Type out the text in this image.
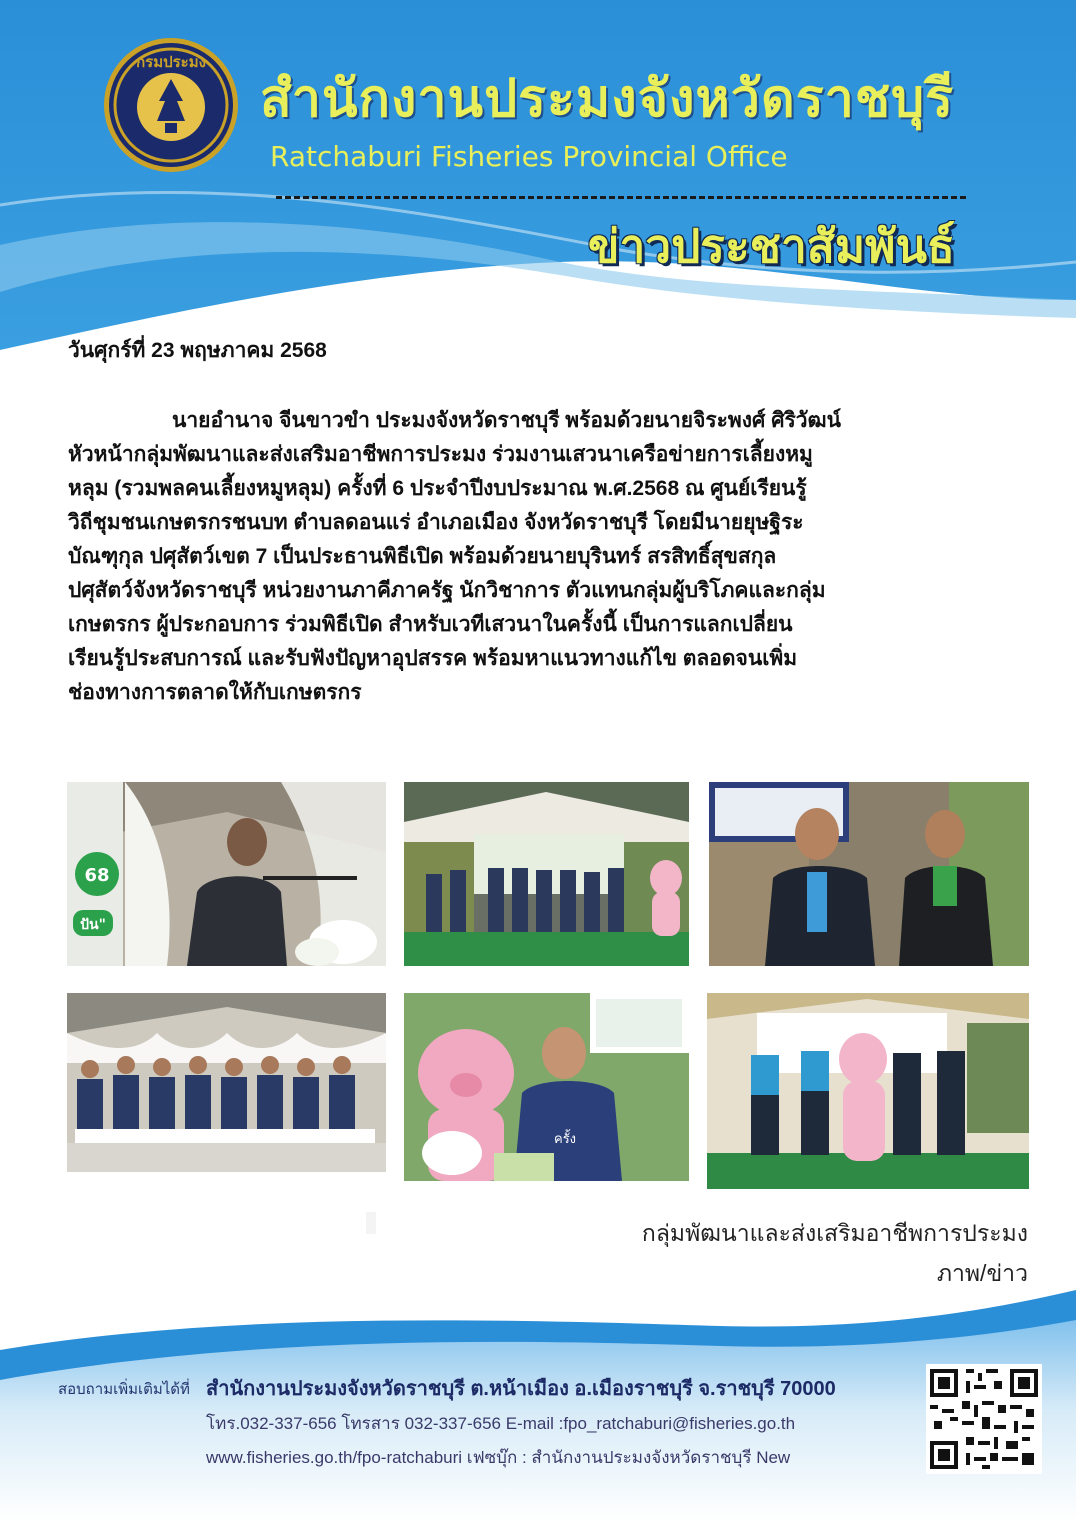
กรมประมง
สำนักงานประมงจังหวัดราชบุรี
Ratchaburi Fisheries Provincial Office
ข่าวประชาสัมพันธ์
วันศุกร์ที่ 23 พฤษภาคม 2568
นายอำนาจ จีนขาวขำ ประมงจังหวัดราชบุรี พร้อมด้วยนายจิระพงศ์ ศิริวัฒน์
หัวหน้ากลุ่มพัฒนาและส่งเสริมอาชีพการประมง ร่วมงานเสวนาเครือข่ายการเลี้ยงหมู
หลุม (รวมพลคนเลี้ยงหมูหลุม) ครั้งที่ 6 ประจำปีงบประมาณ พ.ศ.2568 ณ ศูนย์เรียนรู้
วิถีชุมชนเกษตรกรชนบท ตำบลดอนแร่ อำเภอเมือง จังหวัดราชบุรี โดยมีนายยุษฐิระ
บัณฑุกุล ปศุสัตว์เขต 7 เป็นประธานพิธีเปิด พร้อมด้วยนายบุรินทร์ สรสิทธิ์สุขสกุล
ปศุสัตว์จังหวัดราชบุรี หน่วยงานภาคีภาครัฐ นักวิชาการ ตัวแทนกลุ่มผู้บริโภคและกลุ่ม
เกษตรกร ผู้ประกอบการ ร่วมพิธีเปิด สำหรับเวทีเสวนาในครั้งนี้ เป็นการแลกเปลี่ยน
เรียนรู้ประสบการณ์ และรับฟังปัญหาอุปสรรค พร้อมหาแนวทางแก้ไข ตลอดจนเพิ่ม
ช่องทางการตลาดให้กับเกษตรกร
68
ปัน"
ครั้ง
กลุ่มพัฒนาและส่งเสริมอาชีพการประมง
ภาพ/ข่าว
สอบถามเพิ่มเติมได้ที่ สำนักงานประมงจังหวัดราชบุรี ต.หน้าเมือง อ.เมืองราชบุรี จ.ราชบุรี 70000
โทร.032-337-656 โทรสาร 032-337-656 E-mail :fpo_ratchaburi@fisheries.go.th
www.fisheries.go.th/fpo-ratchaburi เฟซบุ๊ก : สำนักงานประมงจังหวัดราชบุรี New
